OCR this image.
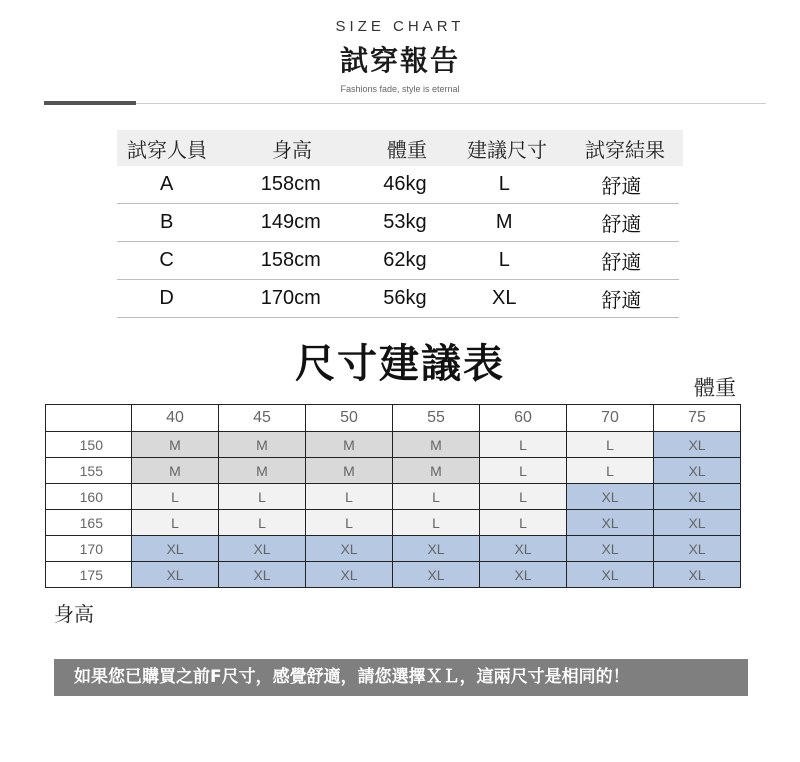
SIZE CHART
試穿報告
Fashions fade, style is eternal
試穿人員	身高	體重	建議尺寸	試穿結果
A	158cm	46kg	L	舒適
B	149cm	53kg	M	舒適
C	158cm	62kg	L	舒適
D	170cm	56kg	XL	舒適
尺寸建議表
體重
	40	45	50	55	60	70	75
150	M	M	M	M	L	L	XL
155	M	M	M	M	L	L	XL
160	L	L	L	L	L	XL	XL
165	L	L	L	L	L	XL	XL
170	XL	XL	XL	XL	XL	XL	XL
175	XL	XL	XL	XL	XL	XL	XL
身高
如果您已購買之前F尺寸，感覺舒適，請您選擇ＸＬ，這兩尺寸是相同的！
